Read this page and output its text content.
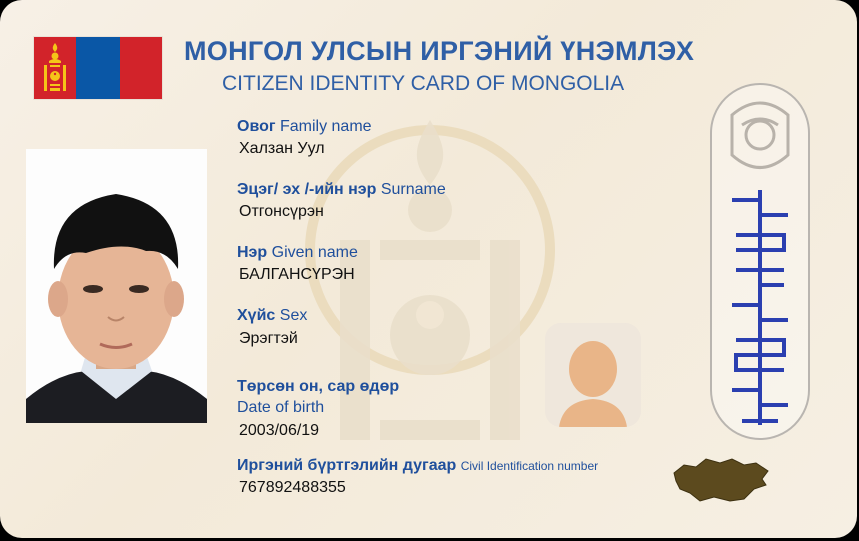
МОНГОЛ УЛСЫН ИРГЭНИЙ ҮНЭМЛЭХ
CITIZEN IDENTITY CARD OF MONGOLIA
Овог Family name
Халзан Уул
Эцэг/ эх /-ийн нэр Surname
Отгонсүрэн
Нэр Given name
БАЛГАНСҮРЭН
Хүйс Sex
Эрэгтэй
Төрсөн он, сар өдөр
Date of birth
2003/06/19
Иргэний бүртгэлийн дугаар Civil Identification number
767892488355
